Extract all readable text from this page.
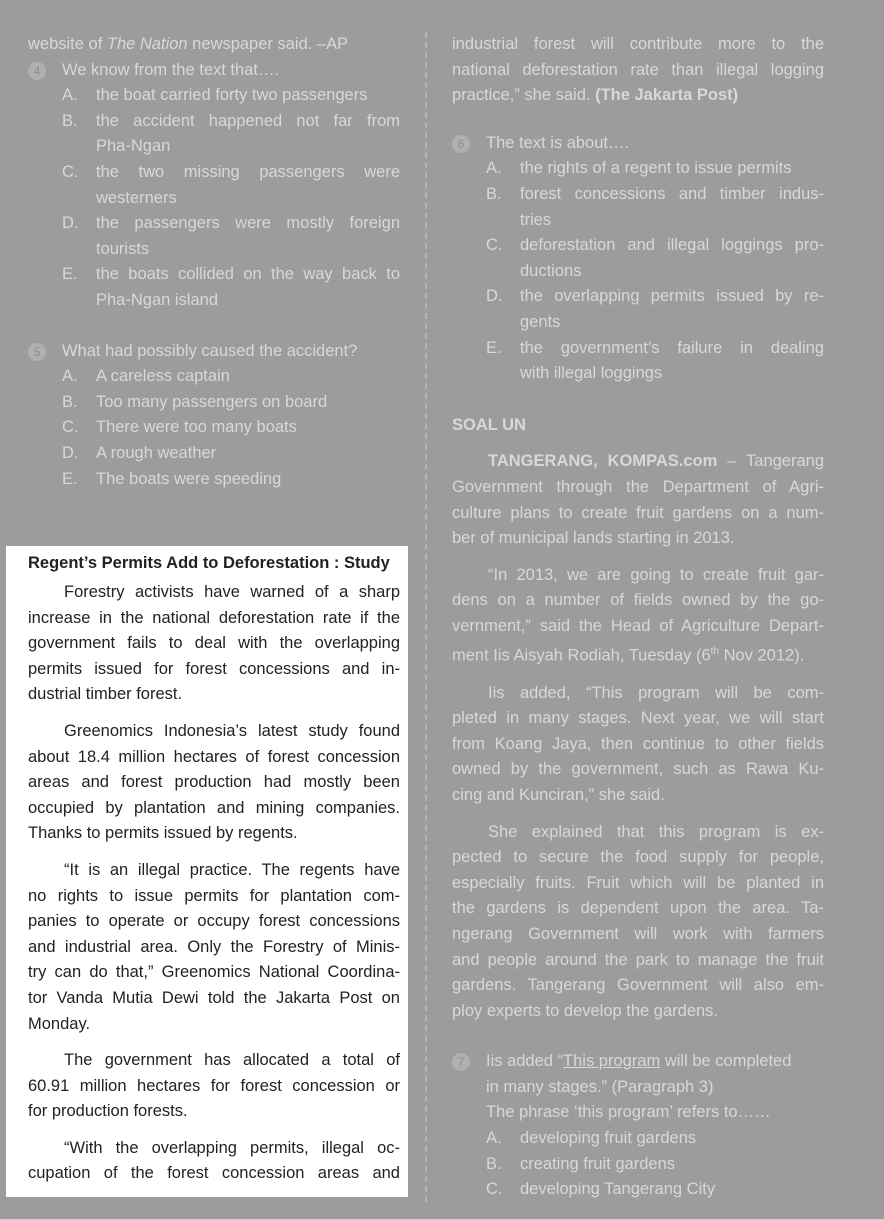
website of The Nation newspaper said. –AP
4	We know from the text that….
A. the boat carried forty two passengers
B. the accident happened not far from
Pha-Ngan
C. the two missing passengers were
westerners
D. the passengers were mostly foreign
tourists
E. the boats collided on the way back to
Pha-Ngan island
5	What had possibly caused the accident?
A. A careless captain
B. Too many passengers on board
C. There were too many boats
D. A rough weather
E. The boats were speeding
Regent’s Permits Add to Deforestation : Study
Forestry activists have warned of a sharp
increase in the national deforestation rate if the
government fails to deal with the overlapping
permits issued for forest concessions and in-
dustrial timber forest.
Greenomics Indonesia’s latest study found
about 18.4 million hectares of forest concession
areas and forest production had mostly been
occupied by plantation and mining companies.
Thanks to permits issued by regents.
“It is an illegal practice. The regents have
no rights to issue permits for plantation com-
panies to operate or occupy forest concessions
and industrial area. Only the Forestry of Minis-
try can do that,” Greenomics National Coordina-
tor Vanda Mutia Dewi told the Jakarta Post on
Monday.
The government has allocated a total of
60.91 million hectares for forest concession or
for production forests.
“With the overlapping permits, illegal oc-
cupation of the forest concession areas and
industrial forest will contribute more to the
national deforestation rate than illegal logging
practice,” she said. (The Jakarta Post)
6	The text is about….
A. the rights of a regent to issue permits
B. forest concessions and timber indus-
tries
C. deforestation and illegal loggings pro-
ductions
D. the overlapping permits issued by re-
gents
E. the government’s failure in dealing
with illegal loggings
SOAL UN
TANGERANG, KOMPAS.com – Tangerang
Government through the Department of Agri-
culture plans to create fruit gardens on a num-
ber of municipal lands starting in 2013.
“In 2013, we are going to create fruit gar-
dens on a number of fields owned by the go-
vernment,” said the Head of Agriculture Depart-
ment Iis Aisyah Rodiah, Tuesday (6th Nov 2012).
Iis added, “This program will be com-
pleted in many stages. Next year, we will start
from Koang Jaya, then continue to other fields
owned by the government, such as Rawa Ku-
cing and Kunciran,” she said.
She explained that this program is ex-
pected to secure the food supply for people,
especially fruits. Fruit which will be planted in
the gardens is dependent upon the area. Ta-
ngerang Government will work with farmers
and people around the park to manage the fruit
gardens. Tangerang Government will also em-
ploy experts to develop the gardens.
7	Iis added “This program will be completed
in many stages.” (Paragraph 3)
The phrase ‘this program’ refers to……
A. developing fruit gardens
B. creating fruit gardens
C. developing Tangerang City
